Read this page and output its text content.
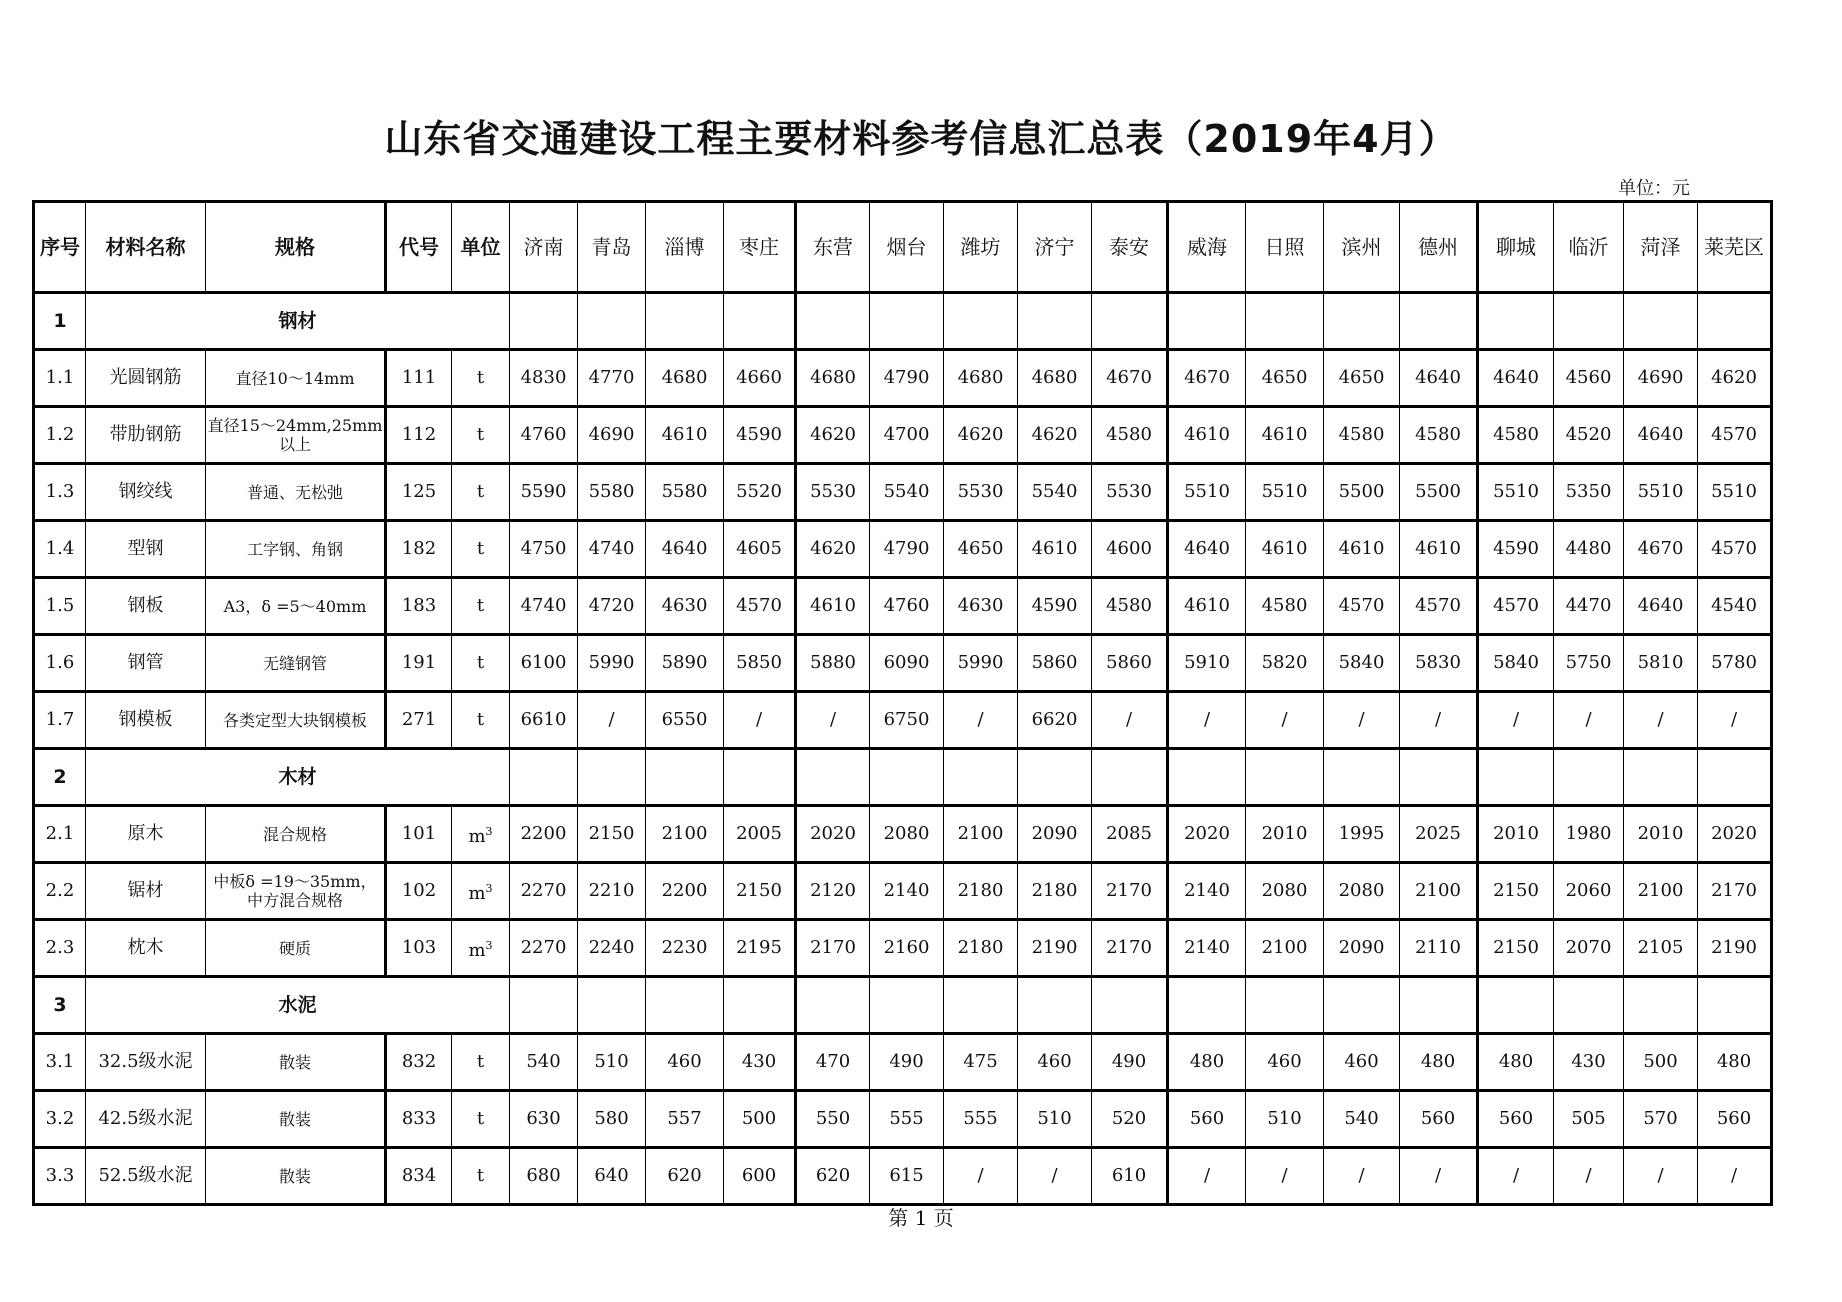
山东省交通建设工程主要材料参考信息汇总表（2019年4月）
单位：元
序号	材料名称	规格	代号	单位	济南	青岛	淄博	枣庄	东营	烟台	潍坊	济宁	泰安	威海	日照	滨州	德州	聊城	临沂	菏泽	莱芜区
1	钢材																				
1.1	光圆钢筋	直径10～14mm	111	t	4830	4770	4680	4660	4680	4790	4680	4680	4670	4670	4650	4650	4640	4640	4560	4690	4620
1.2	带肋钢筋	直径15～24mm,25mm以上	112	t	4760	4690	4610	4590	4620	4700	4620	4620	4580	4610	4610	4580	4580	4580	4520	4640	4570
1.3	钢绞线	普通、无松弛	125	t	5590	5580	5580	5520	5530	5540	5530	5540	5530	5510	5510	5500	5500	5510	5350	5510	5510
1.4	型钢	工字钢、角钢	182	t	4750	4740	4640	4605	4620	4790	4650	4610	4600	4640	4610	4610	4610	4590	4480	4670	4570
1.5	钢板	A3，δ =5～40mm	183	t	4740	4720	4630	4570	4610	4760	4630	4590	4580	4610	4580	4570	4570	4570	4470	4640	4540
1.6	钢管	无缝钢管	191	t	6100	5990	5890	5850	5880	6090	5990	5860	5860	5910	5820	5840	5830	5840	5750	5810	5780
1.7	钢模板	各类定型大块钢模板	271	t	6610	/	6550	/	/	6750	/	6620	/	/	/	/	/	/	/	/	/
2	木材																				
2.1	原木	混合规格	101	$m^3$	2200	2150	2100	2005	2020	2080	2100	2090	2085	2020	2010	1995	2025	2010	1980	2010	2020
2.2	锯材	中板δ =19～35mm，中方混合规格	102	$m^3$	2270	2210	2200	2150	2120	2140	2180	2180	2170	2140	2080	2080	2100	2150	2060	2100	2170
2.3	枕木	硬质	103	$m^3$	2270	2240	2230	2195	2170	2160	2180	2190	2170	2140	2100	2090	2110	2150	2070	2105	2190
3	水泥																				
3.1	32.5级水泥	散装	832	t	540	510	460	430	470	490	475	460	490	480	460	460	480	480	430	500	480
3.2	42.5级水泥	散装	833	t	630	580	557	500	550	555	555	510	520	560	510	540	560	560	505	570	560
3.3	52.5级水泥	散装	834	t	680	640	620	600	620	615	/	/	610	/	/	/	/	/	/	/	/
第 1 页
